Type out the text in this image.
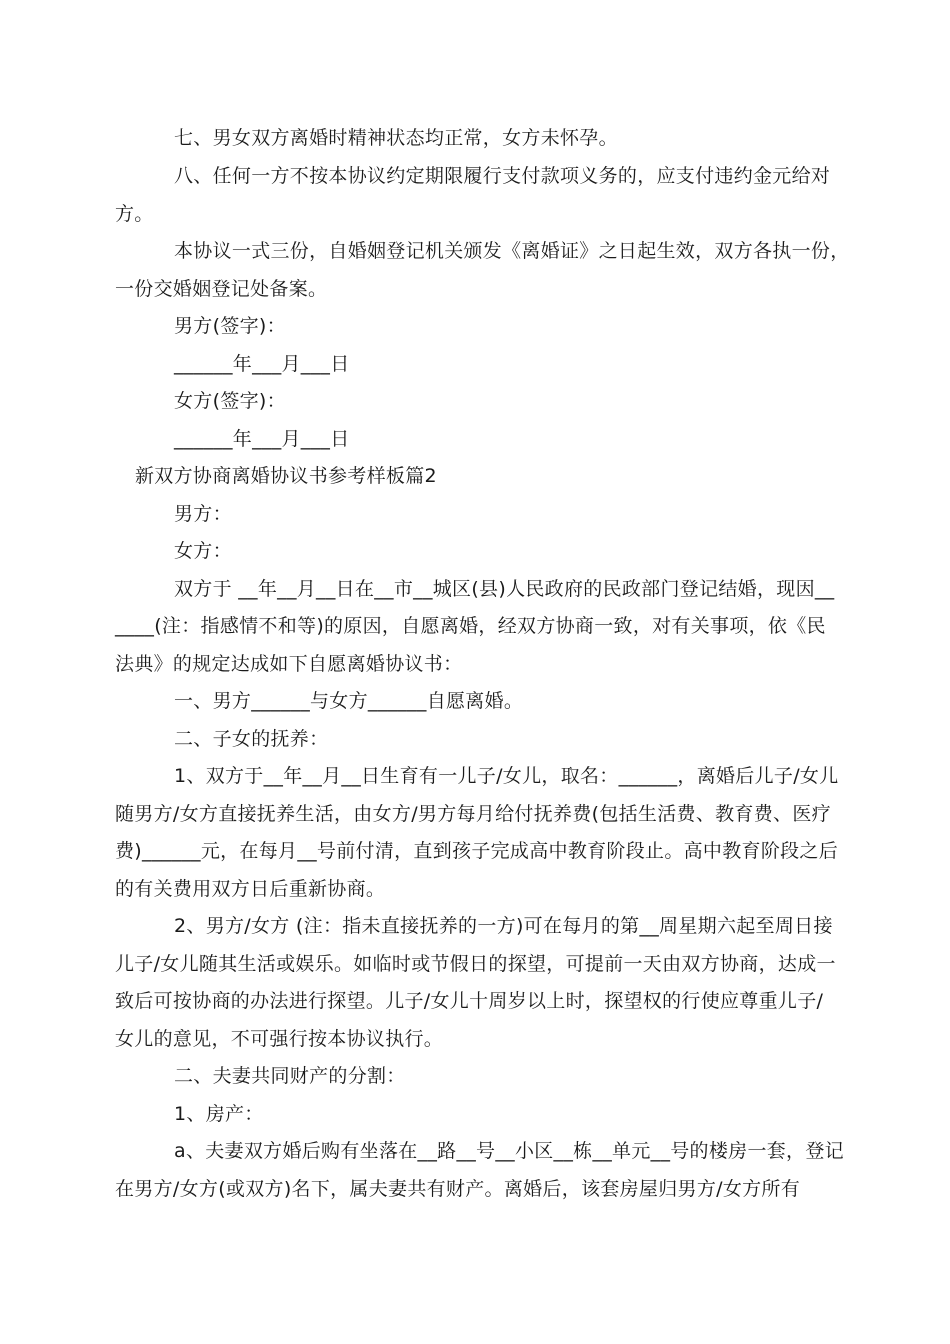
七、男女双方离婚时精神状态均正常，女方未怀孕。
八、任何一方不按本协议约定期限履行支付款项义务的，应支付违约金元给对
方。
本协议一式三份，自婚姻登记机关颁发《离婚证》之日起生效，双方各执一份，
一份交婚姻登记处备案。
男方(签字)：
______年___月___日
女方(签字)：
______年___月___日
新双方协商离婚协议书参考样板篇2
男方：
女方：
双方于 __年__月__日在__市__城区(县)人民政府的民政部门登记结婚，现因__
____(注：指感情不和等)的原因，自愿离婚，经双方协商一致，对有关事项，依《民
法典》的规定达成如下自愿离婚协议书：
一、男方______与女方______自愿离婚。
二、子女的抚养：
1、双方于__年__月__日生育有一儿子/女儿，取名：______，离婚后儿子/女儿
随男方/女方直接抚养生活，由女方/男方每月给付抚养费(包括生活费、教育费、医疗
费)______元，在每月__号前付清，直到孩子完成高中教育阶段止。高中教育阶段之后
的有关费用双方日后重新协商。
2、男方/女方 (注：指未直接抚养的一方)可在每月的第__周星期六起至周日接
儿子/女儿随其生活或娱乐。如临时或节假日的探望，可提前一天由双方协商，达成一
致后可按协商的办法进行探望。儿子/女儿十周岁以上时，探望权的行使应尊重儿子/
女儿的意见，不可强行按本协议执行。
二、夫妻共同财产的分割：
1、房产：
a、夫妻双方婚后购有坐落在__路__号__小区__栋__单元__号的楼房一套，登记
在男方/女方(或双方)名下，属夫妻共有财产。离婚后，该套房屋归男方/女方所有
